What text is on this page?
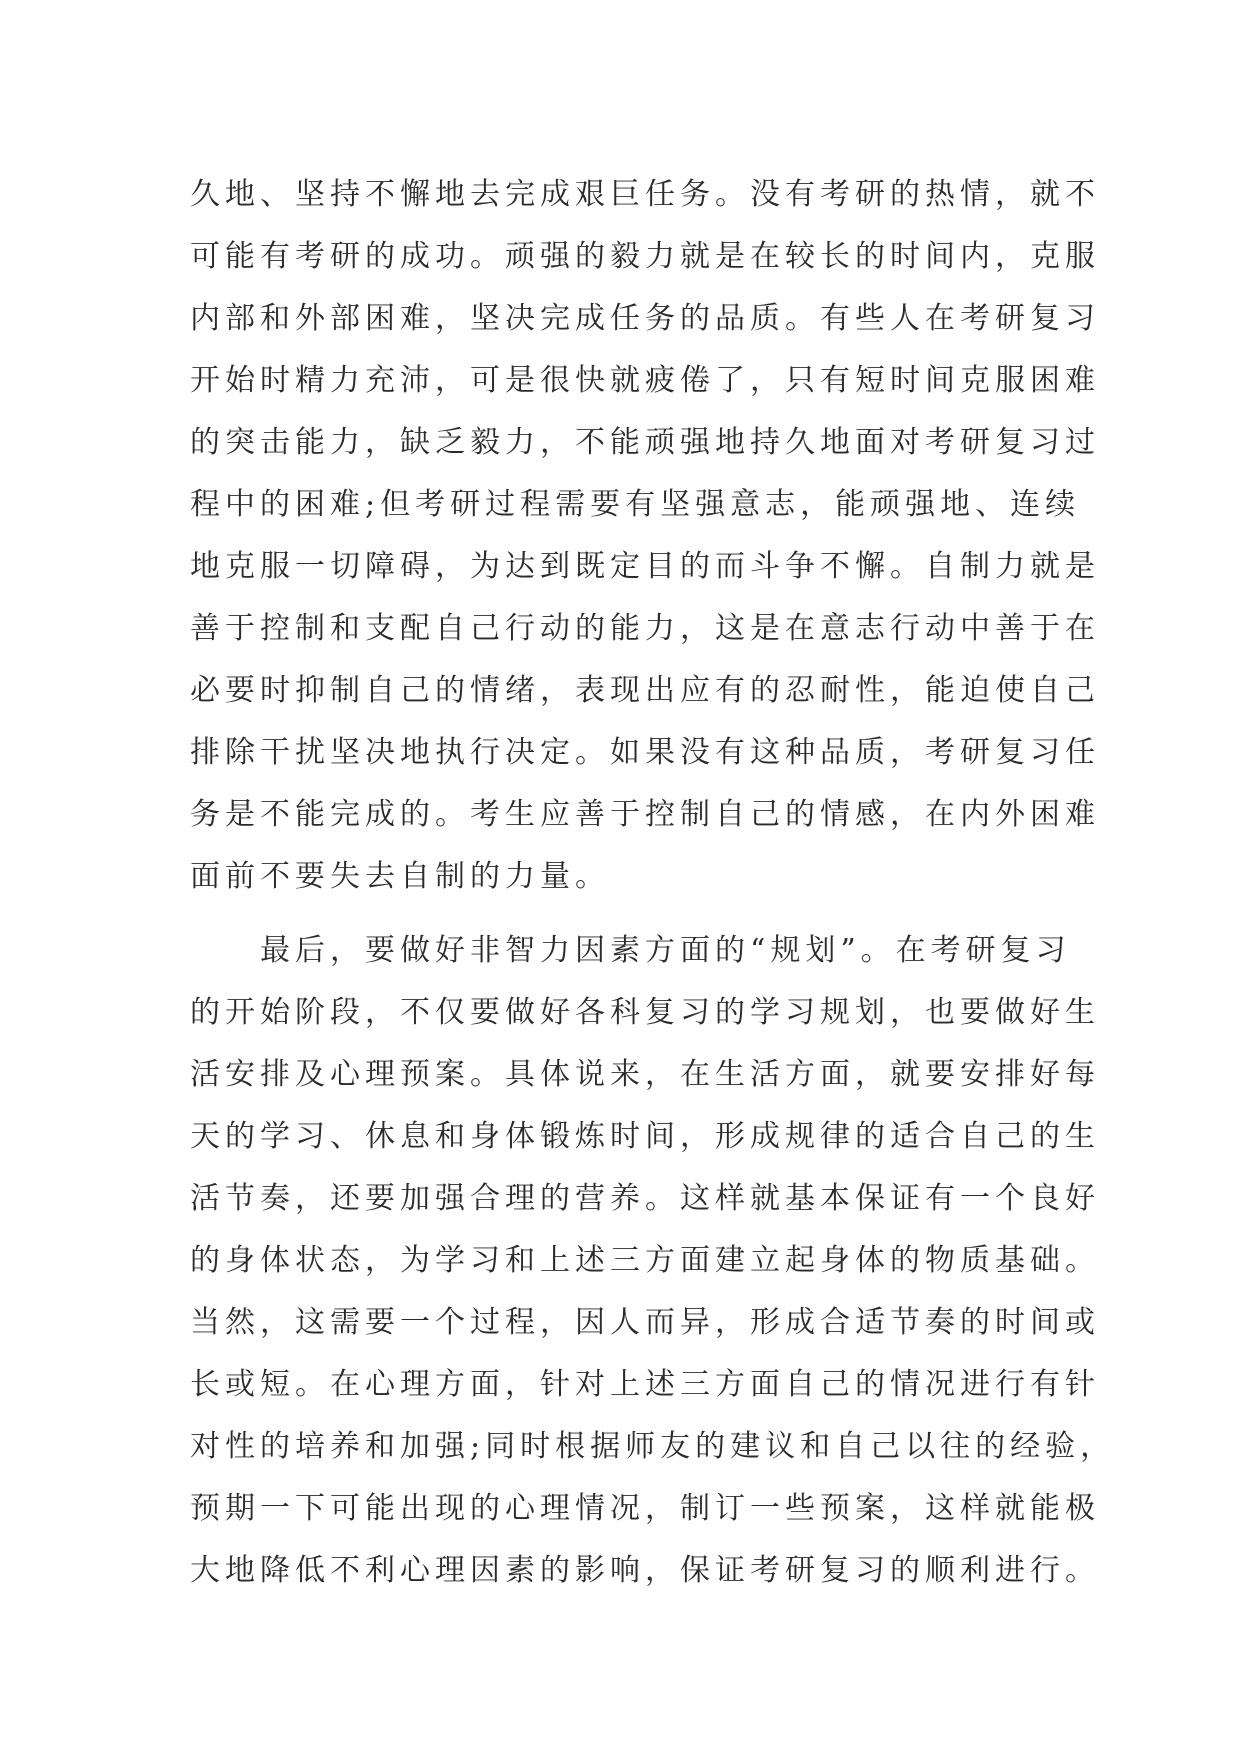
久地、坚持不懈地去完成艰巨任务。没有考研的热情，就不
可能有考研的成功。顽强的毅力就是在较长的时间内，克服
内部和外部困难，坚决完成任务的品质。有些人在考研复习
开始时精力充沛，可是很快就疲倦了，只有短时间克服困难
的突击能力，缺乏毅力，不能顽强地持久地面对考研复习过
程中的困难;但考研过程需要有坚强意志，能顽强地、连续
地克服一切障碍，为达到既定目的而斗争不懈。自制力就是
善于控制和支配自己行动的能力，这是在意志行动中善于在
必要时抑制自己的情绪，表现出应有的忍耐性，能迫使自己
排除干扰坚决地执行决定。如果没有这种品质，考研复习任
务是不能完成的。考生应善于控制自己的情感，在内外困难
面前不要失去自制的力量。
最后，要做好非智力因素方面的“规划”。在考研复习
的开始阶段，不仅要做好各科复习的学习规划，也要做好生
活安排及心理预案。具体说来，在生活方面，就要安排好每
天的学习、休息和身体锻炼时间，形成规律的适合自己的生
活节奏，还要加强合理的营养。这样就基本保证有一个良好
的身体状态，为学习和上述三方面建立起身体的物质基础。
当然，这需要一个过程，因人而异，形成合适节奏的时间或
长或短。在心理方面，针对上述三方面自己的情况进行有针
对性的培养和加强;同时根据师友的建议和自己以往的经验，
预期一下可能出现的心理情况，制订一些预案，这样就能极
大地降低不利心理因素的影响，保证考研复习的顺利进行。
